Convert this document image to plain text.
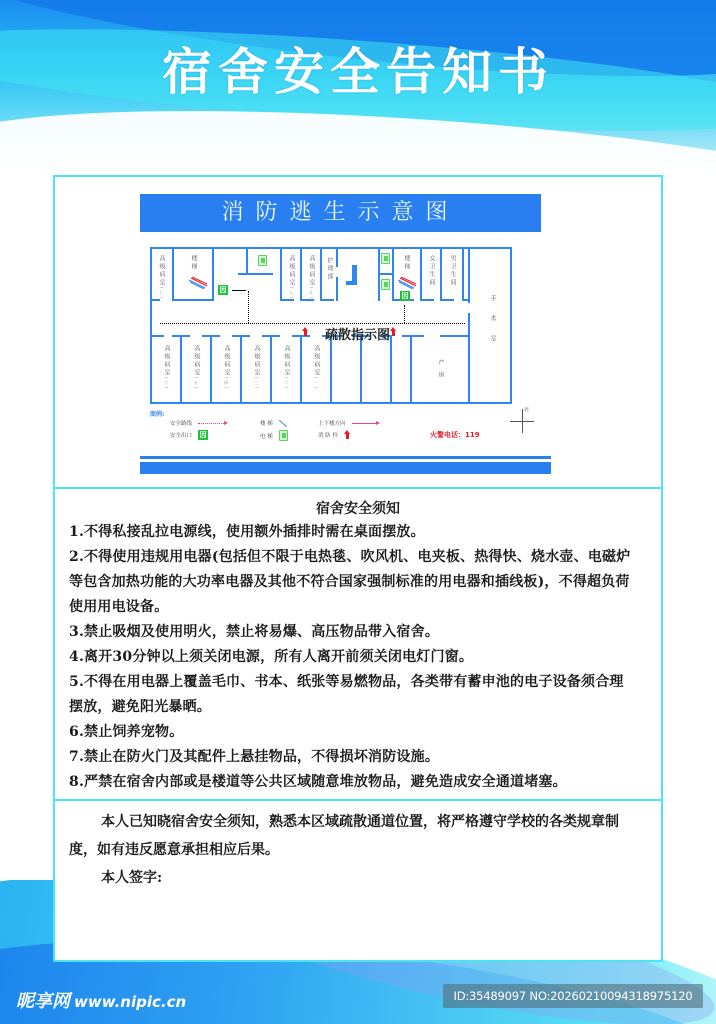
宿舍安全告知书
消防逃生示意图
高级病室(七)
楼梯	高级病室(八)
高级病室(九)
护理部	楼梯	女卫生间 男卫生间
手术室
高级病室(六)
高级病室(五)
高级病室(四)
高级病室(三)
高级病室(二)
高级病室(一)
产房
因
因
疏散指示图
图例:
安全路线
安全出口 因
楼 梯
电 梯
上下楼方向
消 防 栓	火警电话：119
北
宿舍安全须知
1.不得私接乱拉电源线，使用额外插排时需在桌面摆放。
2.不得使用违规用电器(包括但不限于电热毯、吹风机、电夹板、热得快、烧水壶、电磁炉
等包含加热功能的大功率电器及其他不符合国家强制标准的用电器和插线板)，不得超负荷
使用用电设备。
3.禁止吸烟及使用明火，禁止将易爆、高压物品带入宿舍。
4.离开30分钟以上须关闭电源，所有人离开前须关闭电灯门窗。
5.不得在用电器上覆盖毛巾、书本、纸张等易燃物品，各类带有蓄申池的电子设备须合理
摆放，避免阳光暴晒。
6.禁止饲养宠物。
7.禁止在防火门及其配件上悬挂物品，不得损坏消防设施。
8.严禁在宿舍内部或是楼道等公共区域随意堆放物品，避免造成安全通道堵塞。

本人已知晓宿舍安全须知，熟悉本区域疏散通道位置，将严格遵守学校的各类规章制

度，如有违反愿意承担相应后果。

本人签字:

昵享网 www.nipic.cn	ID:35489097 NO:20260210094318975120
